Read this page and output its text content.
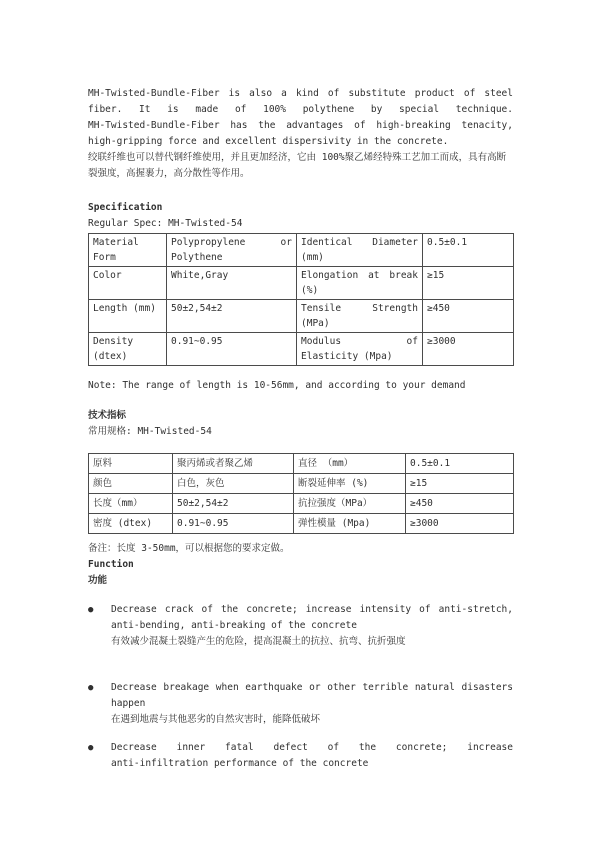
MH‑Twisted‑Bundle‑Fiber is also a kind of substitute product of steel fiber. It is made of 100% polythene by special technique. MH‑Twisted‑Bundle‑Fiber has the advantages of high‑breaking tenacity, high‑gripping force and excellent dispersivity in the concrete.
绞联纤维也可以替代钢纤维使用，并且更加经济，它由 100%聚乙烯经特殊工艺加工而成，具有高断裂强度，高握裹力，高分散性等作用。
Specification
Regular Spec: MH-Twisted-54
Material Form	Polypropylene or Polythene	Identical Diameter (mm)	0.5±0.1
Color	White,Gray	Elongation at break (%)	≥15
Length (mm)	50±2,54±2	Tensile Strength (MPa)	≥450
Density (dtex)	0.91~0.95	Modulus of Elasticity (Mpa)	≥3000
Note: The range of length is 10-56mm, and according to your demand
技术指标
常用规格: MH-Twisted-54
原料	聚丙烯或者聚乙烯	直径 （mm）	0.5±0.1
颜色	白色，灰色	断裂延伸率 (%)	≥15
长度（mm）	50±2,54±2	抗拉强度（MPa）	≥450
密度 (dtex)	0.91~0.95	弹性模量 (Mpa)	≥3000
备注：长度 3-50mm，可以根据您的要求定做。
Function
功能
●	Decrease crack of the concrete; increase intensity of anti‑stretch, anti‑bending, anti‑breaking of the concrete
有效减少混凝土裂缝产生的危险，提高混凝土的抗拉、抗弯、抗折强度
●	Decrease breakage when earthquake or other terrible natural disasters happen
在遇到地震与其他恶劣的自然灾害时，能降低破坏
●	Decrease inner fatal defect of the concrete; increase anti‑infiltration performance of the concrete
